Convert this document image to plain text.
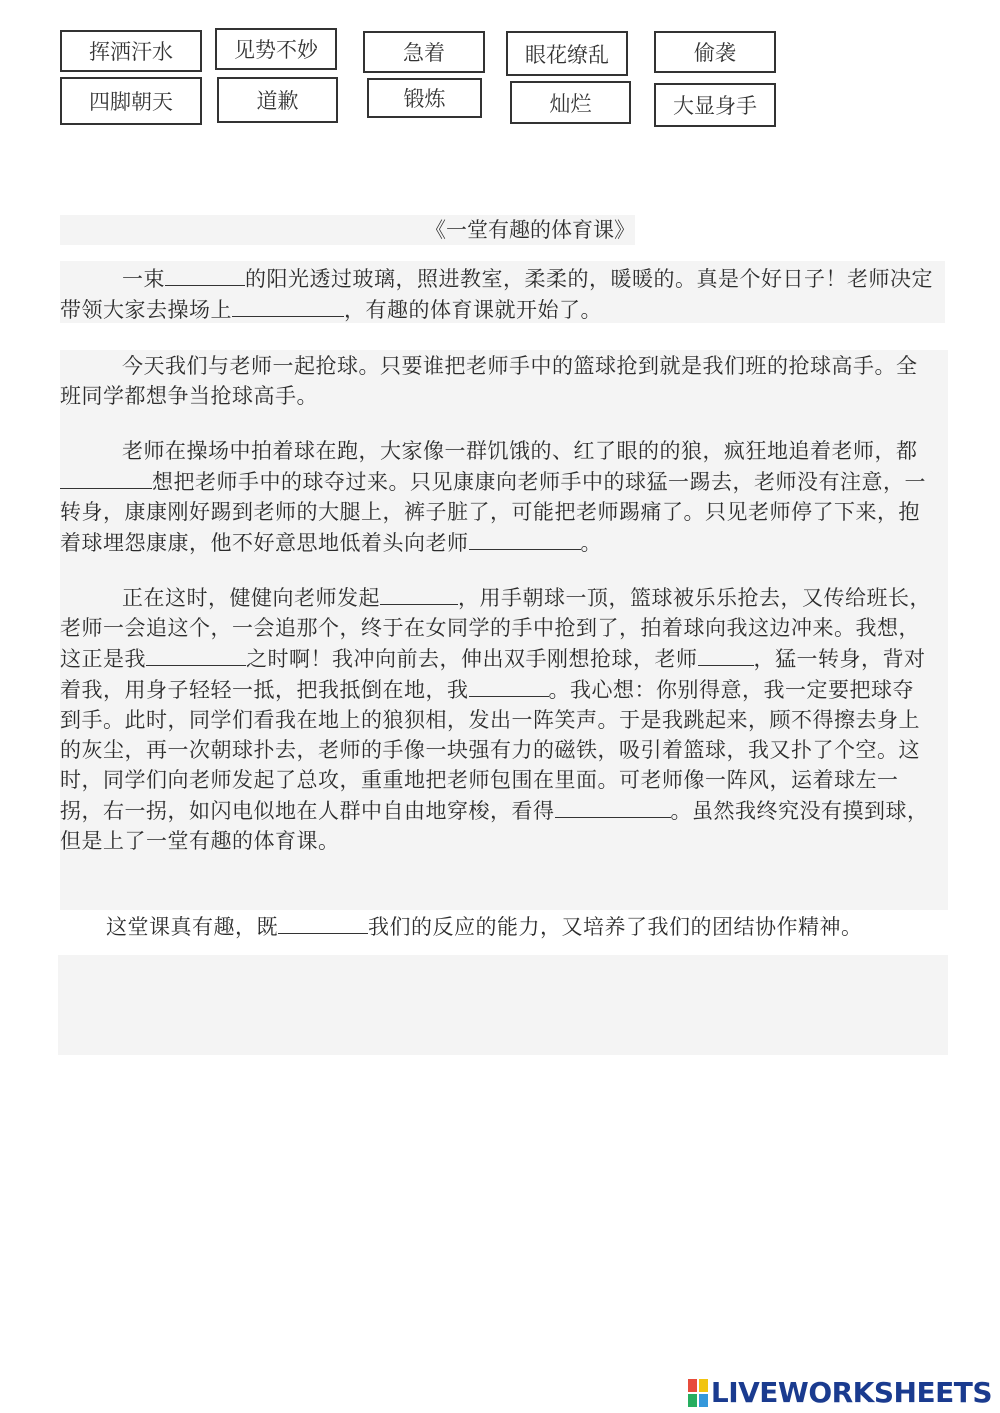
挥洒汗水	见势不妙	急着	眼花缭乱	偷袭
四脚朝天	道歉	锻炼	灿烂	大显身手
《一堂有趣的体育课》
一束	的阳光透过玻璃，照进教室，柔柔的，暖暖的。真是个好日子！老师决定带领大家去操场上	，有趣的体育课就开始了。
今天我们与老师一起抢球。只要谁把老师手中的篮球抢到就是我们班的抢球高手。全班同学都想争当抢球高手。
老师在操场中拍着球在跑，大家像一群饥饿的、红了眼的的狼，疯狂地追着老师，都想把老师手中的球夺过来。只见康康向老师手中的球猛一踢去，老师没有注意，一转身，康康刚好踢到老师的大腿上，裤子脏了，可能把老师踢痛了。只见老师停了下来，抱着球埋怨康康，他不好意思地低着头向老师	。
正在这时，健健向老师发起	，用手朝球一顶，篮球被乐乐抢去，又传给班长，老师一会追这个，一会追那个，终于在女同学的手中抢到了，拍着球向我这边冲来。我想，这正是我	之时啊！我冲向前去，伸出双手刚想抢球，老师	，猛一转身，背对着我，用身子轻轻一抵，把我抵倒在地，我	。我心想：你别得意，我一定要把球夺到手。此时，同学们看我在地上的狼狈相，发出一阵笑声。于是我跳起来，顾不得擦去身上的灰尘，再一次朝球扑去，老师的手像一块强有力的磁铁，吸引着篮球，我又扑了个空。这时，同学们向老师发起了总攻，重重地把老师包围在里面。可老师像一阵风，运着球左一拐，右一拐，如闪电似地在人群中自由地穿梭，看得	。虽然我终究没有摸到球，但是上了一堂有趣的体育课。
这堂课真有趣，既	我们的反应的能力，又培养了我们的团结协作精神。
LIVEWORKSHEETS
